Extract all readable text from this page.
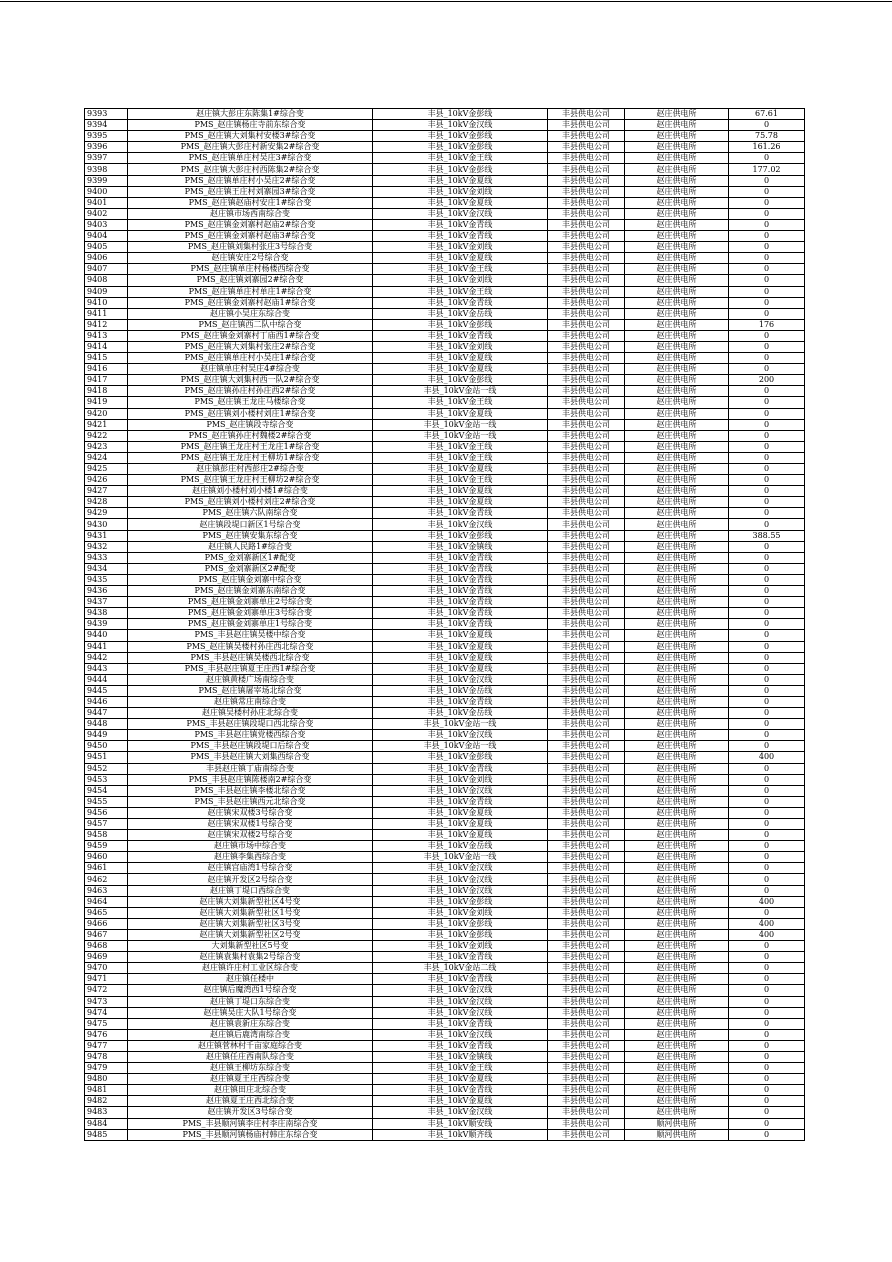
9393	赵庄镇大彭庄东陈集1#综合变	丰县_10kV金彭线	丰县供电公司	赵庄供电所	67.61
9394	PMS_赵庄镇杨庄寺前东综合变	丰县_10kV金汉线	丰县供电公司	赵庄供电所	0
9395	PMS_赵庄镇大刘集村安楼3#综合变	丰县_10kV金彭线	丰县供电公司	赵庄供电所	75.78
9396	PMS_赵庄镇大彭庄村新安集2#综合变	丰县_10kV金彭线	丰县供电公司	赵庄供电所	161.26
9397	PMS_赵庄镇单庄村吴庄3#综合变	丰县_10kV金王线	丰县供电公司	赵庄供电所	0
9398	PMS_赵庄镇大彭庄村西陈集2#综合变	丰县_10kV金彭线	丰县供电公司	赵庄供电所	177.02
9399	PMS_赵庄镇单庄村小吴庄2#综合变	丰县_10kV金夏线	丰县供电公司	赵庄供电所	0
9400	PMS_赵庄镇王庄村刘寨园3#综合变	丰县_10kV金刘线	丰县供电公司	赵庄供电所	0
9401	PMS_赵庄镇赵庙村安庄1#综合变	丰县_10kV金夏线	丰县供电公司	赵庄供电所	0
9402	赵庄镇市场西南综合变	丰县_10kV金汉线	丰县供电公司	赵庄供电所	0
9403	PMS_赵庄镇金刘寨村赵庙2#综合变	丰县_10kV金青线	丰县供电公司	赵庄供电所	0
9404	PMS_赵庄镇金刘寨村赵庙3#综合变	丰县_10kV金青线	丰县供电公司	赵庄供电所	0
9405	PMS_赵庄镇刘集村张庄3号综合变	丰县_10kV金刘线	丰县供电公司	赵庄供电所	0
9406	赵庄镇安庄2号综合变	丰县_10kV金夏线	丰县供电公司	赵庄供电所	0
9407	PMS_赵庄镇单庄村杨楼西综合变	丰县_10kV金王线	丰县供电公司	赵庄供电所	0
9408	PMS_赵庄镇刘寨园2#综合变	丰县_10kV金刘线	丰县供电公司	赵庄供电所	0
9409	PMS_赵庄镇单庄村单庄1#综合变	丰县_10kV金王线	丰县供电公司	赵庄供电所	0
9410	PMS_赵庄镇金刘寨村赵庙1#综合变	丰县_10kV金青线	丰县供电公司	赵庄供电所	0
9411	赵庄镇小吴庄东综合变	丰县_10kV金岳线	丰县供电公司	赵庄供电所	0
9412	PMS_赵庄镇西二队中综合变	丰县_10kV金彭线	丰县供电公司	赵庄供电所	176
9413	PMS_赵庄镇金刘寨村丁庙西1#综合变	丰县_10kV金青线	丰县供电公司	赵庄供电所	0
9414	PMS_赵庄镇大刘集村张庄2#综合变	丰县_10kV金刘线	丰县供电公司	赵庄供电所	0
9415	PMS_赵庄镇单庄村小吴庄1#综合变	丰县_10kV金夏线	丰县供电公司	赵庄供电所	0
9416	赵庄镇单庄村吴庄4#综合变	丰县_10kV金夏线	丰县供电公司	赵庄供电所	0
9417	PMS_赵庄镇大刘集村西一队2#综合变	丰县_10kV金彭线	丰县供电公司	赵庄供电所	200
9418	PMS_赵庄镇孙庄村孙庄西2#综合变	丰县_10kV金站一线	丰县供电公司	赵庄供电所	0
9419	PMS_赵庄镇王龙庄马楼综合变	丰县_10kV金王线	丰县供电公司	赵庄供电所	0
9420	PMS_赵庄镇刘小楼村刘庄1#综合变	丰县_10kV金夏线	丰县供电公司	赵庄供电所	0
9421	PMS_赵庄镇段寺综合变	丰县_10kV金站一线	丰县供电公司	赵庄供电所	0
9422	PMS_赵庄镇孙庄村魏楼2#综合变	丰县_10kV金站一线	丰县供电公司	赵庄供电所	0
9423	PMS_赵庄镇王龙庄村王龙庄1#综合变	丰县_10kV金王线	丰县供电公司	赵庄供电所	0
9424	PMS_赵庄镇王龙庄村王柳坊1#综合变	丰县_10kV金王线	丰县供电公司	赵庄供电所	0
9425	赵庄镇彭庄村西彭庄2#综合变	丰县_10kV金夏线	丰县供电公司	赵庄供电所	0
9426	PMS_赵庄镇王龙庄村王柳坊2#综合变	丰县_10kV金王线	丰县供电公司	赵庄供电所	0
9427	赵庄镇刘小楼村刘小楼1#综合变	丰县_10kV金夏线	丰县供电公司	赵庄供电所	0
9428	PMS_赵庄镇刘小楼村刘庄2#综合变	丰县_10kV金夏线	丰县供电公司	赵庄供电所	0
9429	PMS_赵庄镇六队南综合变	丰县_10kV金青线	丰县供电公司	赵庄供电所	0
9430	赵庄镇段堤口新区1号综合变	丰县_10kV金汉线	丰县供电公司	赵庄供电所	0
9431	PMS_赵庄镇安集东综合变	丰县_10kV金彭线	丰县供电公司	赵庄供电所	388.55
9432	赵庄镇人民路1#综合变	丰县_10kV金镇线	丰县供电公司	赵庄供电所	0
9433	PMS_金刘寨新区1#配变	丰县_10kV金青线	丰县供电公司	赵庄供电所	0
9434	PMS_金刘寨新区2#配变	丰县_10kV金青线	丰县供电公司	赵庄供电所	0
9435	PMS_赵庄镇金刘寨中综合变	丰县_10kV金青线	丰县供电公司	赵庄供电所	0
9436	PMS_赵庄镇金刘寨东南综合变	丰县_10kV金青线	丰县供电公司	赵庄供电所	0
9437	PMS_赵庄镇金刘寨单庄2号综合变	丰县_10kV金青线	丰县供电公司	赵庄供电所	0
9438	PMS_赵庄镇金刘寨单庄3号综合变	丰县_10kV金青线	丰县供电公司	赵庄供电所	0
9439	PMS_赵庄镇金刘寨单庄1号综合变	丰县_10kV金青线	丰县供电公司	赵庄供电所	0
9440	PMS_丰县赵庄镇吴楼中综合变	丰县_10kV金夏线	丰县供电公司	赵庄供电所	0
9441	PMS_赵庄镇吴楼村孙庄西北综合变	丰县_10kV金夏线	丰县供电公司	赵庄供电所	0
9442	PMS_丰县赵庄镇吴楼西北综合变	丰县_10kV金夏线	丰县供电公司	赵庄供电所	0
9443	PMS_丰县赵庄镇夏王庄西1#综合变	丰县_10kV金夏线	丰县供电公司	赵庄供电所	0
9444	赵庄镇黄楼广场南综合变	丰县_10kV金汉线	丰县供电公司	赵庄供电所	0
9445	PMS_赵庄镇屠宰场北综合变	丰县_10kV金岳线	丰县供电公司	赵庄供电所	0
9446	赵庄镇常庄南综合变	丰县_10kV金青线	丰县供电公司	赵庄供电所	0
9447	赵庄镇吴楼村孙庄北综合变	丰县_10kV金岳线	丰县供电公司	赵庄供电所	0
9448	PMS_丰县赵庄镇段堤口西北综合变	丰县_10kV金站一线	丰县供电公司	赵庄供电所	0
9449	PMS_丰县赵庄镇党楼西综合变	丰县_10kV金汉线	丰县供电公司	赵庄供电所	0
9450	PMS_丰县赵庄镇段堤口后综合变	丰县_10kV金站一线	丰县供电公司	赵庄供电所	0
9451	PMS_丰县赵庄镇大刘集西综合变	丰县_10kV金彭线	丰县供电公司	赵庄供电所	400
9452	丰县赵庄镇丁庙南综合变	丰县_10kV金青线	丰县供电公司	赵庄供电所	0
9453	PMS_丰县赵庄镇陈楼南2#综合变	丰县_10kV金刘线	丰县供电公司	赵庄供电所	0
9454	PMS_丰县赵庄镇李楼北综合变	丰县_10kV金汉线	丰县供电公司	赵庄供电所	0
9455	PMS_丰县赵庄镇西元北综合变	丰县_10kV金青线	丰县供电公司	赵庄供电所	0
9456	赵庄镇宋双楼3号综合变	丰县_10kV金夏线	丰县供电公司	赵庄供电所	0
9457	赵庄镇宋双楼1号综合变	丰县_10kV金夏线	丰县供电公司	赵庄供电所	0
9458	赵庄镇宋双楼2号综合变	丰县_10kV金夏线	丰县供电公司	赵庄供电所	0
9459	赵庄镇市场中综合变	丰县_10kV金岳线	丰县供电公司	赵庄供电所	0
9460	赵庄镇李集西综合变	丰县_10kV金站一线	丰县供电公司	赵庄供电所	0
9461	赵庄镇宫庙湾1号综合变	丰县_10kV金汉线	丰县供电公司	赵庄供电所	0
9462	赵庄镇开发区2号综合变	丰县_10kV金汉线	丰县供电公司	赵庄供电所	0
9463	赵庄镇丁堤口西综合变	丰县_10kV金汉线	丰县供电公司	赵庄供电所	0
9464	赵庄镇大刘集新型社区4号变	丰县_10kV金彭线	丰县供电公司	赵庄供电所	400
9465	赵庄镇大刘集新型社区1号变	丰县_10kV金刘线	丰县供电公司	赵庄供电所	0
9466	赵庄镇大刘集新型社区3号变	丰县_10kV金彭线	丰县供电公司	赵庄供电所	400
9467	赵庄镇大刘集新型社区2号变	丰县_10kV金彭线	丰县供电公司	赵庄供电所	400
9468	大刘集新型社区5号变	丰县_10kV金刘线	丰县供电公司	赵庄供电所	0
9469	赵庄镇袁集村袁集2号综合变	丰县_10kV金青线	丰县供电公司	赵庄供电所	0
9470	赵庄镇许庄村工业区综合变	丰县_10kV金站二线	丰县供电公司	赵庄供电所	0
9471	赵庄镇任楼中	丰县_10kV金青线	丰县供电公司	赵庄供电所	0
9472	赵庄镇后魔湾西1号综合变	丰县_10kV金汉线	丰县供电公司	赵庄供电所	0
9473	赵庄镇丁堤口东综合变	丰县_10kV金汉线	丰县供电公司	赵庄供电所	0
9474	赵庄镇吴庄大队1号综合变	丰县_10kV金汉线	丰县供电公司	赵庄供电所	0
9475	赵庄镇袁新庄东综合变	丰县_10kV金青线	丰县供电公司	赵庄供电所	0
9476	赵庄镇后鹿湾南综合变	丰县_10kV金汉线	丰县供电公司	赵庄供电所	0
9477	赵庄镇菅林村千亩家庭综合变	丰县_10kV金青线	丰县供电公司	赵庄供电所	0
9478	赵庄镇任庄西南队综合变	丰县_10kV金镇线	丰县供电公司	赵庄供电所	0
9479	赵庄镇王柳坊东综合变	丰县_10kV金王线	丰县供电公司	赵庄供电所	0
9480	赵庄镇夏王庄西综合变	丰县_10kV金夏线	丰县供电公司	赵庄供电所	0
9481	赵庄镇田庄北综合变	丰县_10kV金青线	丰县供电公司	赵庄供电所	0
9482	赵庄镇夏王庄西北综合变	丰县_10kV金夏线	丰县供电公司	赵庄供电所	0
9483	赵庄镇开发区3号综合变	丰县_10kV金汉线	丰县供电公司	赵庄供电所	0
9484	PMS_丰县顺河镇李庄村李庄南综合变	丰县_10kV顺安线	丰县供电公司	顺河供电所	0
9485	PMS_丰县顺河镇杨庙村韩庄东综合变	丰县_10kV顺齐线	丰县供电公司	顺河供电所	0
